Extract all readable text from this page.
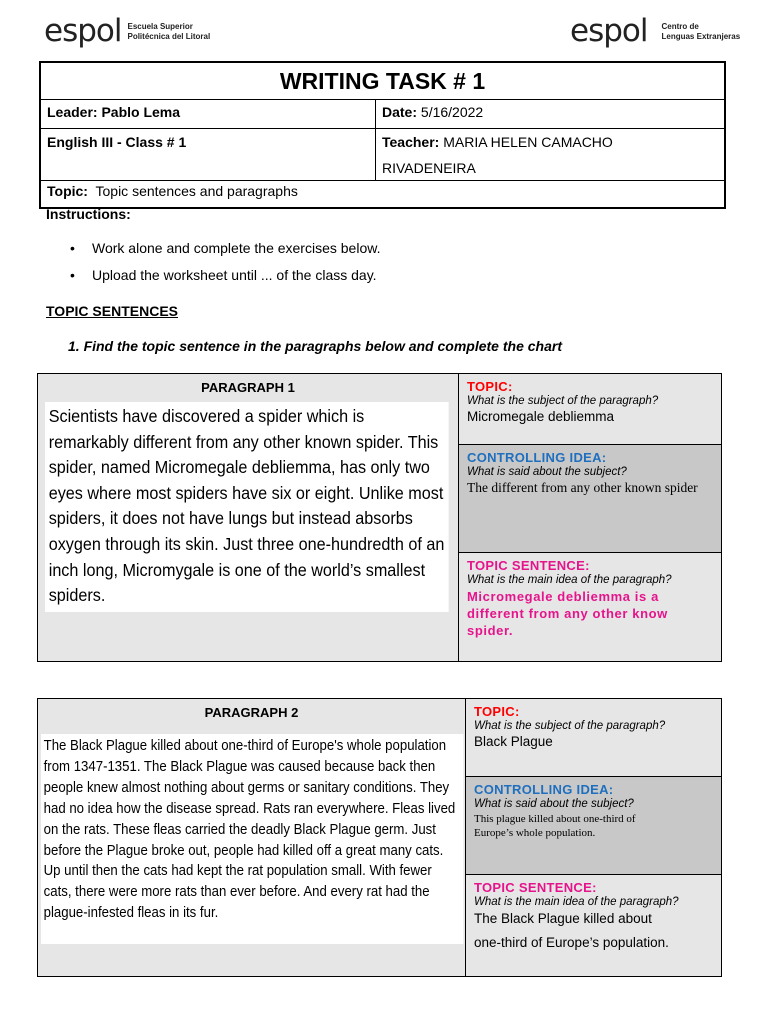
espol Escuela Superior
Politécnica del Litoral	espol Centro de
Lenguas Extranjeras
WRITING TASK # 1
Leader: Pablo Lema	Date: 5/16/2022
English III - Class # 1	Teacher: MARIA HELEN CAMACHO
RIVADENEIRA
Topic: Topic sentences and paragraphs
Instructions:
•	Work alone and complete the exercises below.
•	Upload the worksheet until ... of the class day.
TOPIC SENTENCES
1. Find the topic sentence in the paragraphs below and complete the chart
PARAGRAPH 1
Scientists have discovered a spider which is remarkably different from any other known spider. This spider, named Micromegale debliemma, has only two eyes where most spiders have six or eight. Unlike most spiders, it does not have lungs but instead absorbs oxygen through its skin. Just three one-hundredth of an inch long, Micromygale is one of the world’s smallest spiders.
TOPIC:
What is the subject of the paragraph?
Micromegale debliemma
CONTROLLING IDEA:
What is said about the subject?
The different from any other known spider
TOPIC SENTENCE:
What is the main idea of the paragraph?
Micromegale debliemma is a different from any other know spider.
PARAGRAPH 2
The Black Plague killed about one-third of Europe's whole population from 1347-1351. The Black Plague was caused because back then people knew almost nothing about germs or sanitary conditions. They had no idea how the disease spread. Rats ran everywhere. Fleas lived on the rats. These fleas carried the deadly Black Plague germ. Just before the Plague broke out, people had killed off a great many cats. Up until then the cats had kept the rat population small. With fewer cats, there were more rats than ever before. And every rat had the plague-infested fleas in its fur.
TOPIC:
What is the subject of the paragraph?
Black Plague
CONTROLLING IDEA:
What is said about the subject?
This plague killed about one-third of Europe’s whole population.
TOPIC SENTENCE:
What is the main idea of the paragraph?
The Black Plague killed about
one-third of Europe’s population.
